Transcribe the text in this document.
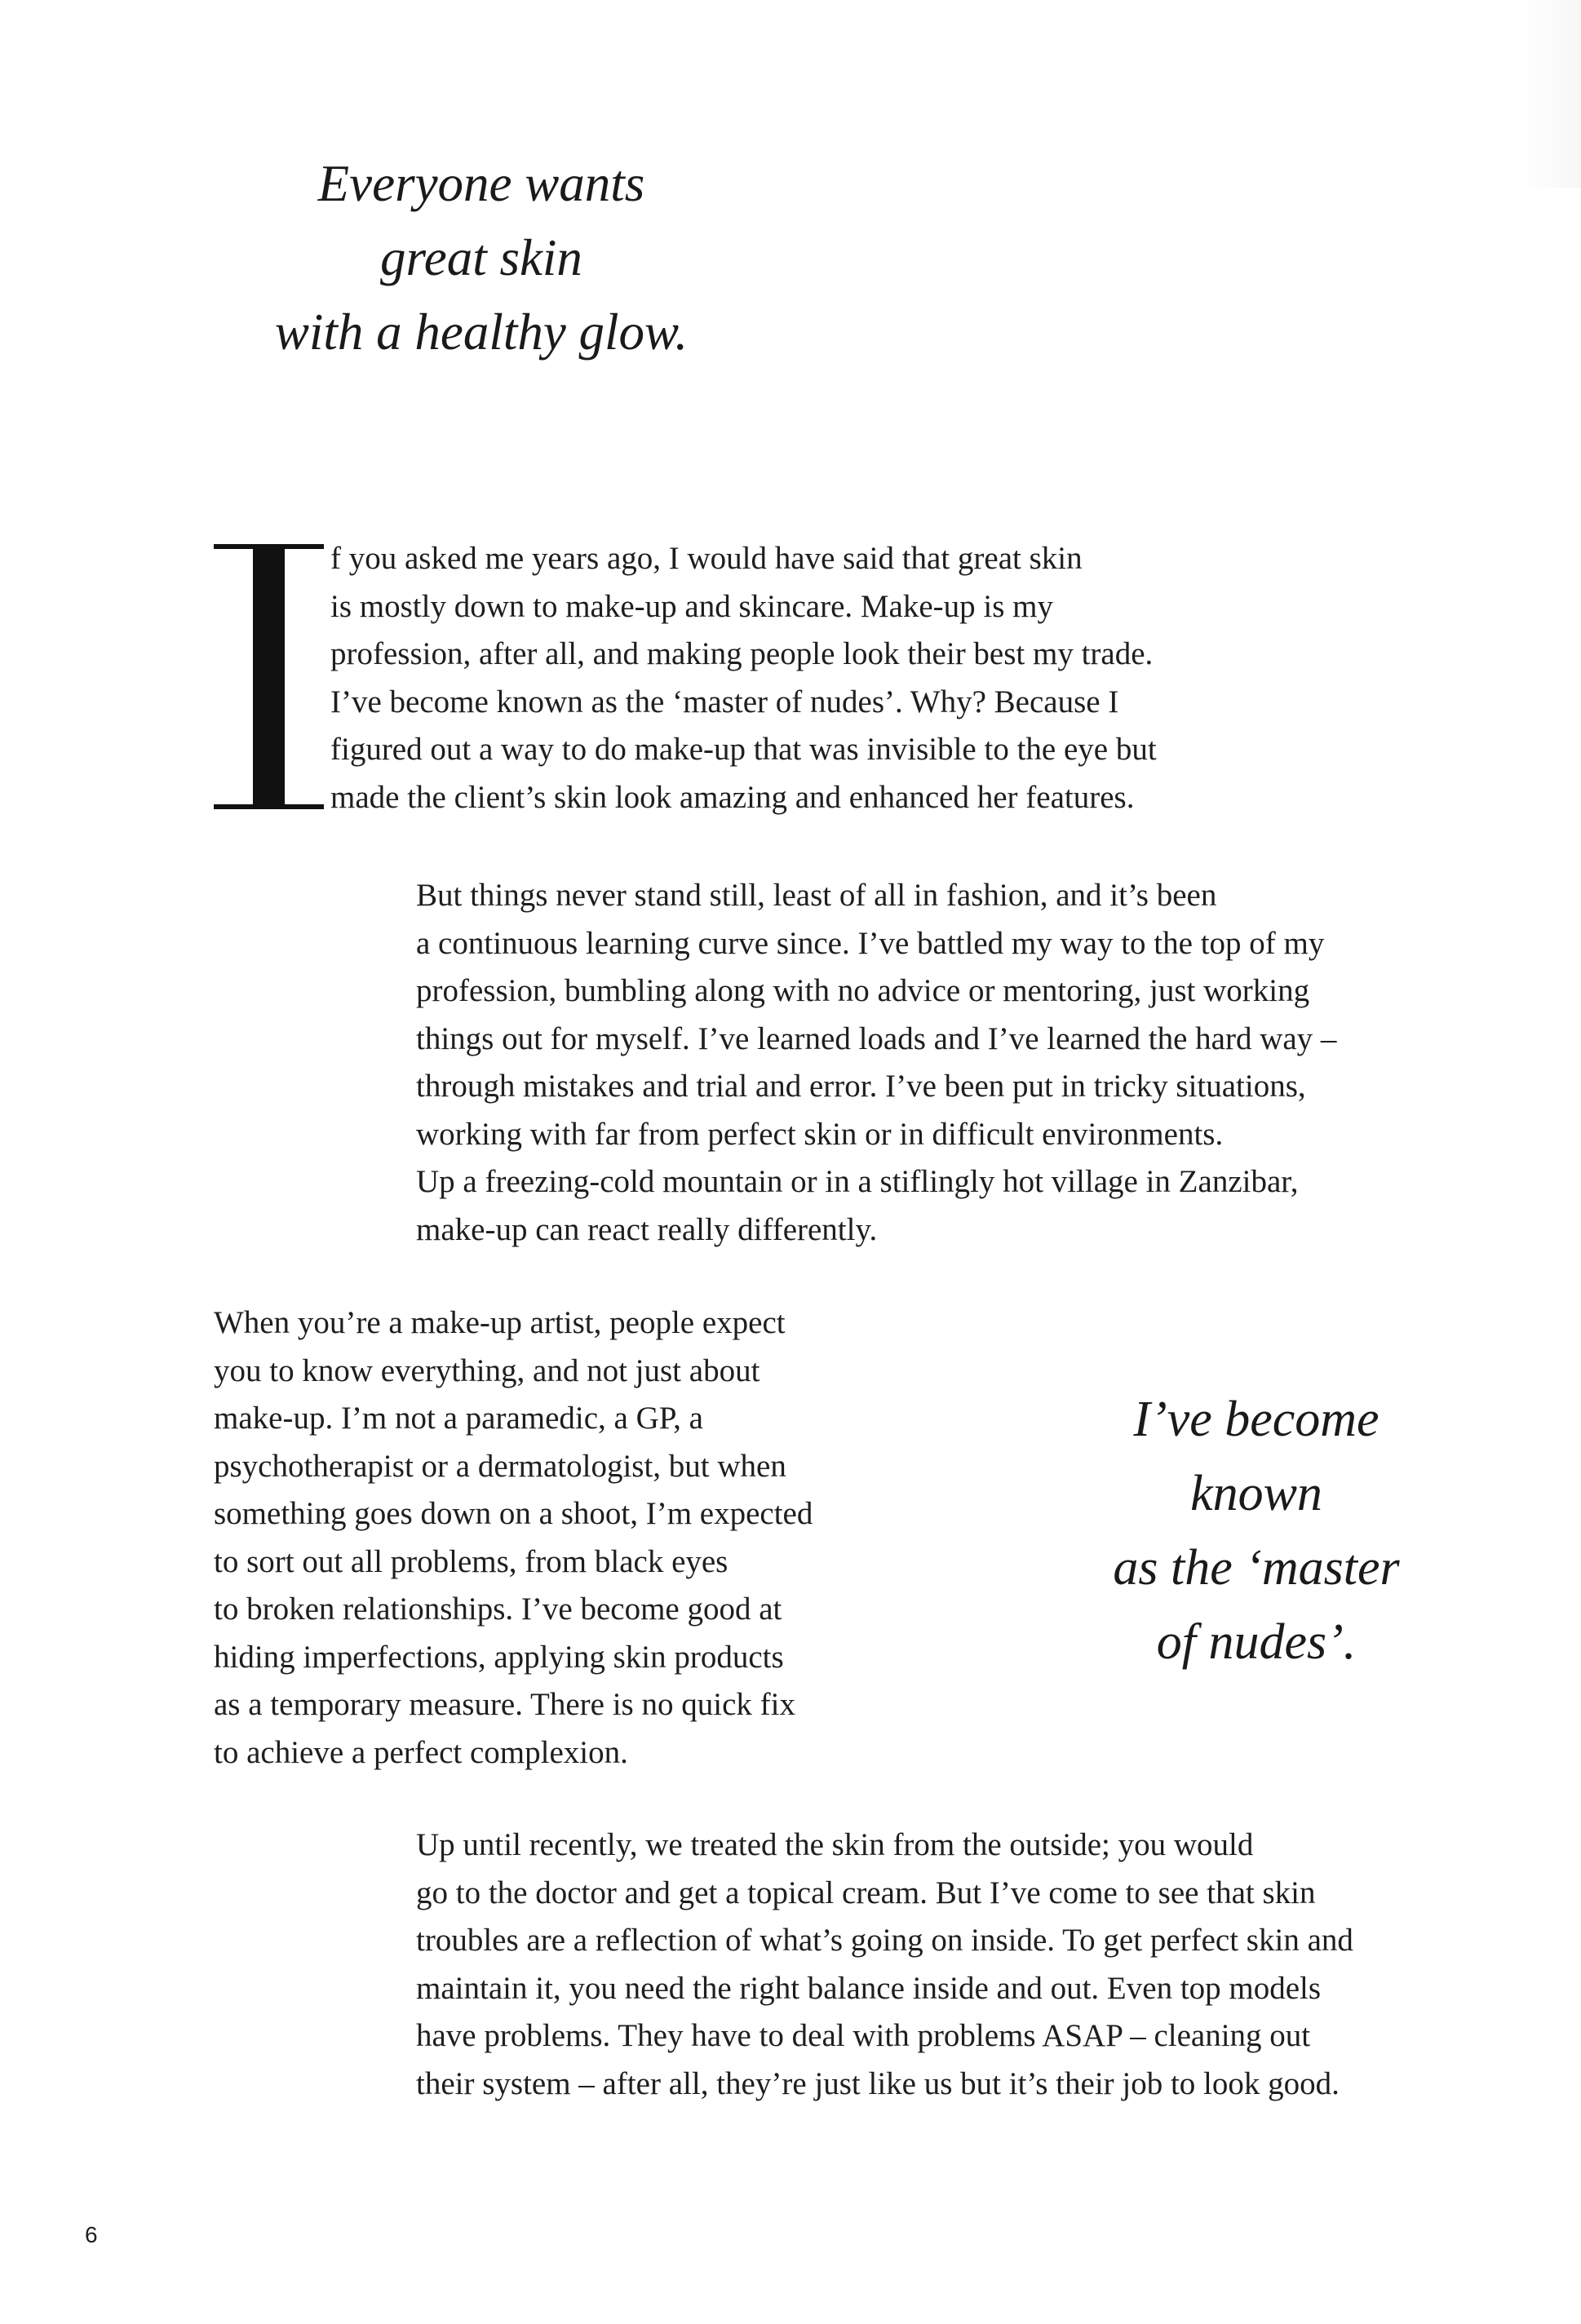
Everyone wants
great skin
with a healthy glow.
I
f you asked me years ago, I would have said that great skin
is mostly down to make-up and skincare. Make-up is my
profession, after all, and making people look their best my trade.
I’ve become known as the ‘master of nudes’. Why? Because I
figured out a way to do make-up that was invisible to the eye but
made the client’s skin look amazing and enhanced her features.
But things never stand still, least of all in fashion, and it’s been
a continuous learning curve since. I’ve battled my way to the top of my
profession, bumbling along with no advice or mentoring, just working
things out for myself. I’ve learned loads and I’ve learned the hard way –
through mistakes and trial and error. I’ve been put in tricky situations,
working with far from perfect skin or in difficult environments.
Up a freezing-cold mountain or in a stiflingly hot village in Zanzibar,
make-up can react really differently.
When you’re a make-up artist, people expect
you to know everything, and not just about
make-up. I’m not a paramedic, a GP, a
psychotherapist or a dermatologist, but when
something goes down on a shoot, I’m expected
to sort out all problems, from black eyes
to broken relationships. I’ve become good at
hiding imperfections, applying skin products
as a temporary measure. There is no quick fix
to achieve a perfect complexion.
I’ve become
known
as the ‘master
of nudes’.
Up until recently, we treated the skin from the outside; you would
go to the doctor and get a topical cream. But I’ve come to see that skin
troubles are a reflection of what’s going on inside. To get perfect skin and
maintain it, you need the right balance inside and out. Even top models
have problems. They have to deal with problems ASAP – cleaning out
their system – after all, they’re just like us but it’s their job to look good.
6
